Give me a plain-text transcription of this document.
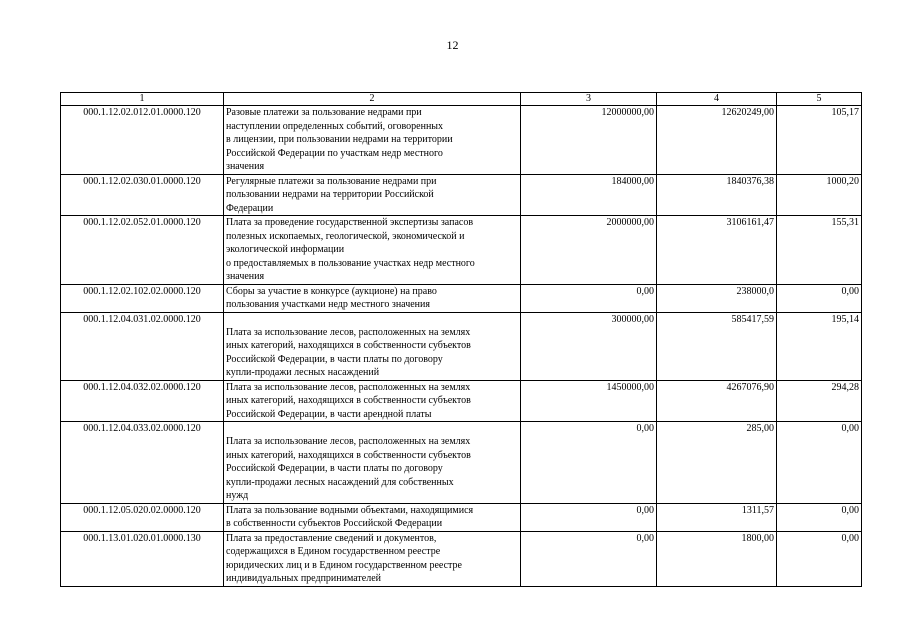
12
1	2	3	4	5
000.1.12.02.012.01.0000.120	Разовые платежи за пользование недрами при
наступлении определенных событий, оговоренных
в лицензии, при пользовании недрами на территории
Российской Федерации по участкам недр местного
значения	12000000,00	12620249,00	105,17
000.1.12.02.030.01.0000.120	Регулярные платежи за пользование недрами при
пользовании недрами на территории Российской
Федерации	184000,00	1840376,38	1000,20
000.1.12.02.052.01.0000.120	Плата за проведение государственной экспертизы запасов
полезных ископаемых, геологической, экономической и
экологической информации
о предоставляемых в пользование участках недр местного
значения	2000000,00	3106161,47	155,31
000.1.12.02.102.02.0000.120	Сборы за участие в конкурсе (аукционе) на право
пользования участками недр местного значения	0,00	238000,0	0,00
000.1.12.04.031.02.0000.120	Плата за использование лесов, расположенных на землях
иных категорий, находящихся в собственности субъектов
Российской Федерации, в части платы по договору
купли-продажи лесных насаждений	300000,00	585417,59	195,14
000.1.12.04.032.02.0000.120	Плата за использование лесов, расположенных на землях
иных категорий, находящихся в собственности субъектов
Российской Федерации, в части арендной платы	1450000,00	4267076,90	294,28
000.1.12.04.033.02.0000.120	Плата за использование лесов, расположенных на землях
иных категорий, находящихся в собственности субъектов
Российской Федерации, в части платы по договору
купли-продажи лесных насаждений для собственных
нужд	0,00	285,00	0,00
000.1.12.05.020.02.0000.120	Плата за пользование водными объектами, находящимися
в собственности субъектов Российской Федерации	0,00	1311,57	0,00
000.1.13.01.020.01.0000.130	Плата за предоставление сведений и документов,
содержащихся в Едином государственном реестре
юридических лиц и в Едином государственном реестре
индивидуальных предпринимателей	0,00	1800,00	0,00
